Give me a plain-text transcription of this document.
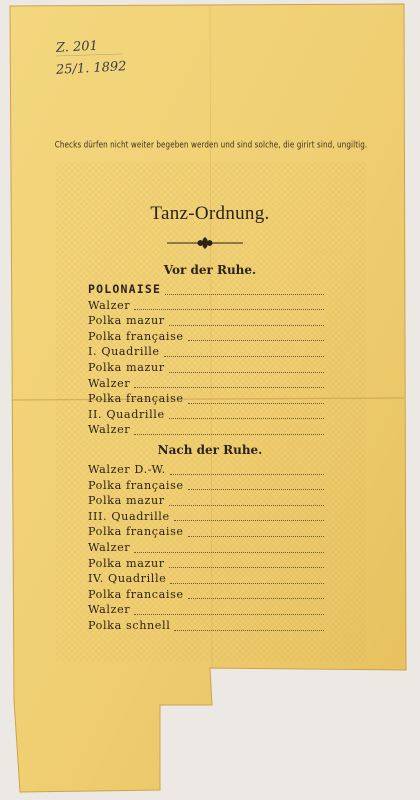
Z. 201
25/1. 1892
Checks dürfen nicht weiter begeben werden und sind solche, die girirt sind, ungiltig.
Tanz-Ordnung.
Vor der Ruhe.
POLONAISE
Walzer
Polka mazur
Polka française
I. Quadrille
Polka mazur
Walzer
Polka française
II. Quadrille
Walzer
Nach der Ruhe.
Walzer D.-W.
Polka française
Polka mazur
III. Quadrille
Polka française
Walzer
Polka mazur
IV. Quadrille
Polka francaise
Walzer
Polka schnell
